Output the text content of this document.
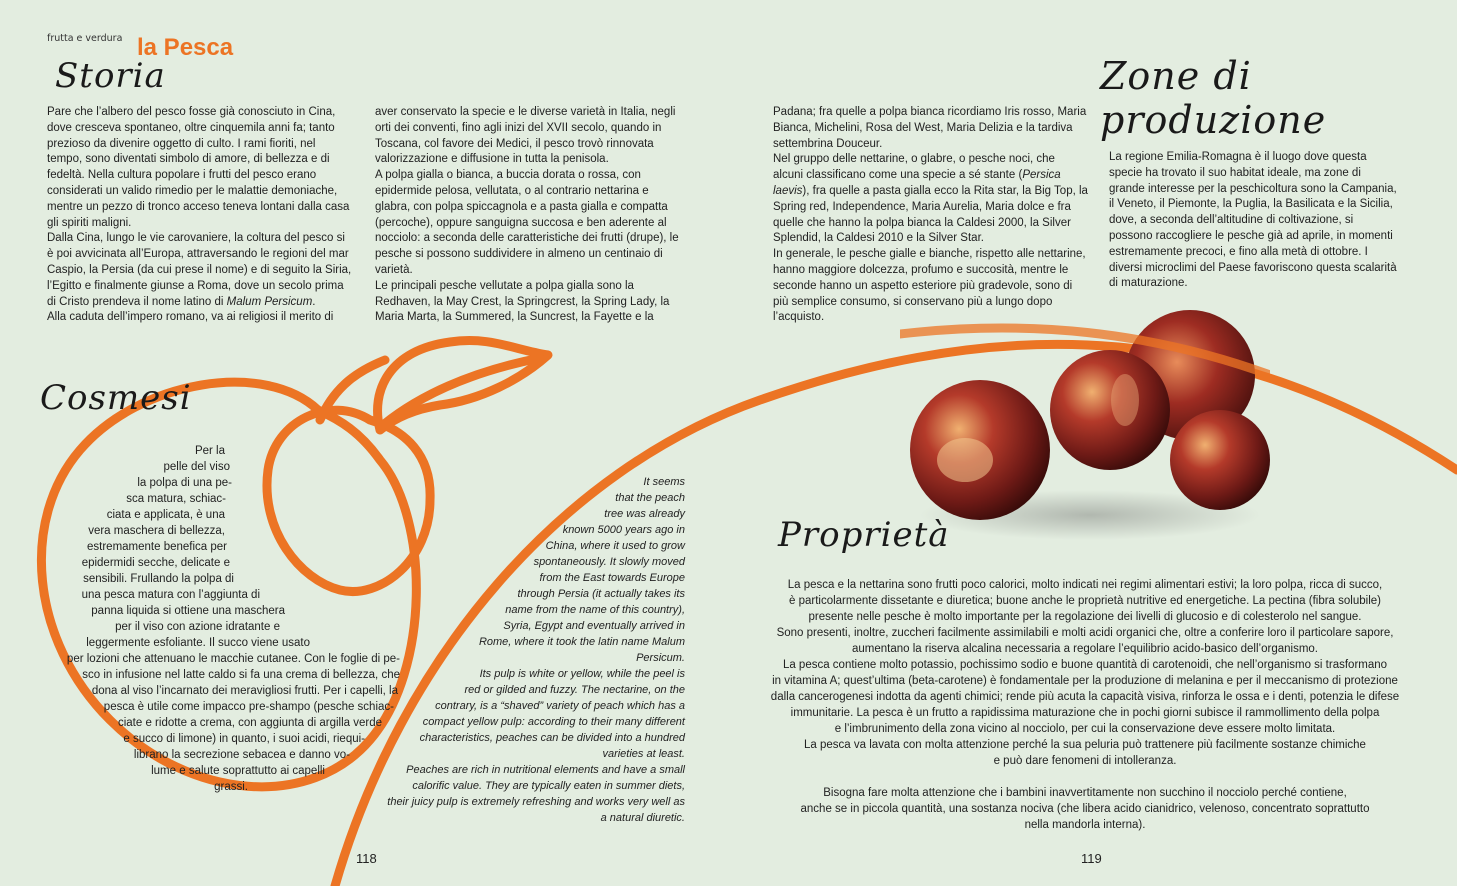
frutta e verdura la Pesca
Storia	Zone di produzione
Cosmesi
Proprietà

Pare che l’albero del pesco fosse già conosciuto in Cina, dove cresceva spontaneo, oltre cinquemila anni fa; tanto prezioso da divenire oggetto di culto. I rami fioriti, nel tempo, sono diventati simbolo di amore, di bellezza e di fedeltà. Nella cultura popolare i frutti del pesco erano considerati un valido rimedio per le malattie demoniache, mentre un pezzo di tronco acceso teneva lontani dalla casa gli spiriti maligni.

Dalla Cina, lungo le vie carovaniere, la coltura del pesco si è poi avvicinata all’Europa, attraversando le regioni del mar Caspio, la Persia (da cui prese il nome) e di seguito la Siria, l’Egitto e finalmente giunse a Roma, dove un secolo prima di Cristo prendeva il nome latino di Malum Persicum.

Alla caduta dell’impero romano, va ai religiosi il merito di

aver conservato la specie e le diverse varietà in Italia, negli orti dei conventi, fino agli inizi del XVII secolo, quando in Toscana, col favore dei Medici, il pesco trovò rinnovata valorizzazione e diffusione in tutta la penisola.

A polpa gialla o bianca, a buccia dorata o rossa, con epidermide pelosa, vellutata, o al contrario nettarina e glabra, con polpa spiccagnola e a pasta gialla e compatta (percoche), oppure sanguigna succosa e ben aderente al nocciolo: a seconda delle caratteristiche dei frutti (drupe), le pesche si possono suddividere in almeno un centinaio di varietà.

Le principali pesche vellutate a polpa gialla sono la Redhaven, la May Crest, la Springcrest, la Spring Lady, la Maria Marta, la Summered, la Suncrest, la Fayette e la

Padana; fra quelle a polpa bianca ricordiamo Iris rosso, Maria Bianca, Michelini, Rosa del West, Maria Delizia e la tardiva settembrina Douceur.

Nel gruppo delle nettarine, o glabre, o pesche noci, che alcuni classificano come una specie a sé stante (Persica laevis), fra quelle a pasta gialla ecco la Rita star, la Big Top, la Spring red, Independence, Maria Aurelia, Maria dolce e fra quelle che hanno la polpa bianca la Caldesi 2000, la Silver Splendid, la Caldesi 2010 e la Silver Star.

In generale, le pesche gialle e bianche, rispetto alle nettarine, hanno maggiore dolcezza, profumo e succosità, mentre le seconde hanno un aspetto esteriore più gradevole, sono di più semplice consumo, si conservano più a lungo dopo l’acquisto.

La regione Emilia-Romagna è il luogo dove questa specie ha trovato il suo habitat ideale, ma zone di grande interesse per la peschicoltura sono la Campania, il Veneto, il Piemonte, la Puglia, la Basilicata e la Sicilia, dove, a seconda dell’altitudine di coltivazione, si possono raccogliere le pesche già ad aprile, in momenti estremamente precoci, e fino alla metà di ottobre. I diversi microclimi del Paese favoriscono questa scalarità di maturazione.

Per la

pelle del viso

la polpa di una pe-

sca matura, schiac-

ciata e applicata, è una

vera maschera di bellezza,

estremamente benefica per

epidermidi secche, delicate e

sensibili. Frullando la polpa di

una pesca matura con l’aggiunta di

panna liquida si ottiene una maschera

per il viso con azione idratante e

leggermente esfoliante. Il succo viene usato

per lozioni che attenuano le macchie cutanee. Con le foglie di pe-

sco in infusione nel latte caldo si fa una crema di bellezza, che

dona al viso l’incarnato dei meravigliosi frutti. Per i capelli, la

pesca è utile come impacco pre-shampo (pesche schiac-

ciate e ridotte a crema, con aggiunta di argilla verde

e succo di limone) in quanto, i suoi acidi, riequi-

librano la secrezione sebacea e danno vo-

lume e salute soprattutto ai capelli

grassi.

It seems

that the peach

tree was already

known 5000 years ago in

China, where it used to grow

spontaneously. It slowly moved

from the East towards Europe

through Persia (it actually takes its

name from the name of this country),

Syria, Egypt and eventually arrived in

Rome, where it took the latin name Malum

Persicum.

Its pulp is white or yellow, while the peel is

red or gilded and fuzzy. The nectarine, on the

contrary, is a “shaved” variety of peach which has a

compact yellow pulp: according to their many different

characteristics, peaches can be divided into a hundred

varieties at least.

Peaches are rich in nutritional elements and have a small

calorific value. They are typically eaten in summer diets,

their juicy pulp is extremely refreshing and works very well as

a natural diuretic.

La pesca e la nettarina sono frutti poco calorici, molto indicati nei regimi alimentari estivi; la loro polpa, ricca di succo,

è particolarmente dissetante e diuretica; buone anche le proprietà nutritive ed energetiche. La pectina (fibra solubile)

presente nelle pesche è molto importante per la regolazione dei livelli di glucosio e di colesterolo nel sangue.

Sono presenti, inoltre, zuccheri facilmente assimilabili e molti acidi organici che, oltre a conferire loro il particolare sapore,

aumentano la riserva alcalina necessaria a regolare l’equilibrio acido-basico dell’organismo.

La pesca contiene molto potassio, pochissimo sodio e buone quantità di carotenoidi, che nell’organismo si trasformano

in vitamina A; quest’ultima (beta-carotene) è fondamentale per la produzione di melanina e per il meccanismo di protezione

dalla cancerogenesi indotta da agenti chimici; rende più acuta la capacità visiva, rinforza le ossa e i denti, potenzia le difese

immunitarie. La pesca è un frutto a rapidissima maturazione che in pochi giorni subisce il rammollimento della polpa

e l’imbrunimento della zona vicino al nocciolo, per cui la conservazione deve essere molto limitata.

La pesca va lavata con molta attenzione perché la sua peluria può trattenere più facilmente sostanze chimiche

e può dare fenomeni di intolleranza.

Bisogna fare molta attenzione che i bambini inavvertitamente non succhino il nocciolo perché contiene,

anche se in piccola quantità, una sostanza nociva (che libera acido cianidrico, velenoso, concentrato soprattutto

nella mandorla interna).

118	119
